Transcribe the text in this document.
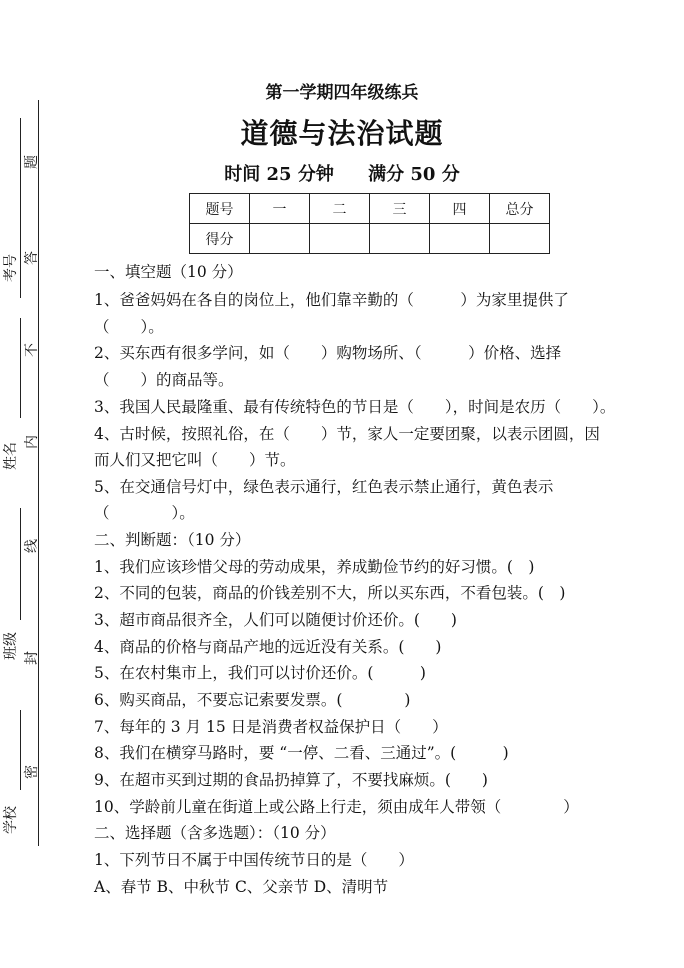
考号
姓名
班级
学校
题
答
不
内
线
封
密
第一学期四年级练兵
道德与法治试题
时间 25 分钟 满分 50 分
题号	一	二	三	四	总分
得分					
一、填空题（10 分）
1、爸爸妈妈在各自的岗位上，他们靠辛勤的（　　　）为家里提供了
（　　）。
2、买东西有很多学问，如（　　）购物场所、（　　　）价格、选择
（　　）的商品等。
3、我国人民最隆重、最有传统特色的节日是（　　），时间是农历（　　）。
4、古时候，按照礼俗，在（　　）节，家人一定要团聚，以表示团圆，因
而人们又把它叫（　　）节。
5、在交通信号灯中，绿色表示通行，红色表示禁止通行，黄色表示
（　　　　）。
二、判断题：（10 分）
1、我们应该珍惜父母的劳动成果，养成勤俭节约的好习惯。(　)
2、不同的包装，商品的价钱差别不大，所以买东西，不看包装。(　)
3、超市商品很齐全，人们可以随便讨价还价。(　　)
4、商品的价格与商品产地的远近没有关系。(　　)
5、在农村集市上，我们可以讨价还价。(　　　)
6、购买商品，不要忘记索要发票。(　　　　)
7、每年的 3 月 15 日是消费者权益保护日（　　）
8、我们在横穿马路时，要 “一停、二看、三通过”。(　　　)
9、在超市买到过期的食品扔掉算了，不要找麻烦。(　　)
10、学龄前儿童在街道上或公路上行走，须由成年人带领（　　　　）
二、选择题（含多选题）：（10 分）
1、下列节日不属于中国传统节日的是（　　）
A、春节 B、中秋节 C、父亲节 D、清明节
